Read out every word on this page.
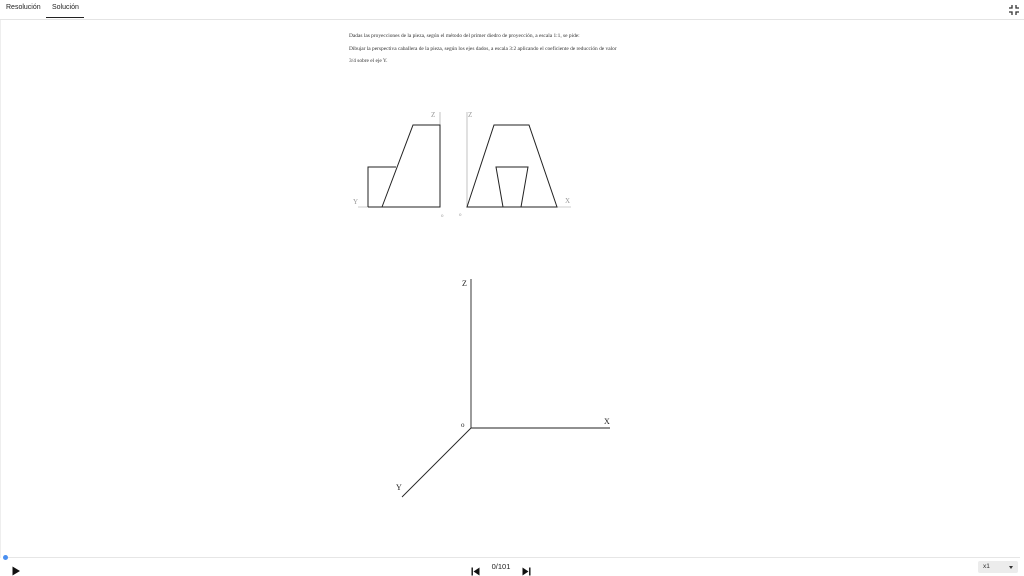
Resolución	Solución
Dadas las proyecciones de la pieza, según el método del primer diedro de proyección, a escala 1:1, se pide:
Dibujar la perspectiva caballera de la pieza, según los ejes dados, a escala 3:2 aplicando el coeficiente de reducción de valor
3/4 sobre el eje Y.
Y
Z
o
Z
X
o
Z
X
Y
o
0/101	x1
